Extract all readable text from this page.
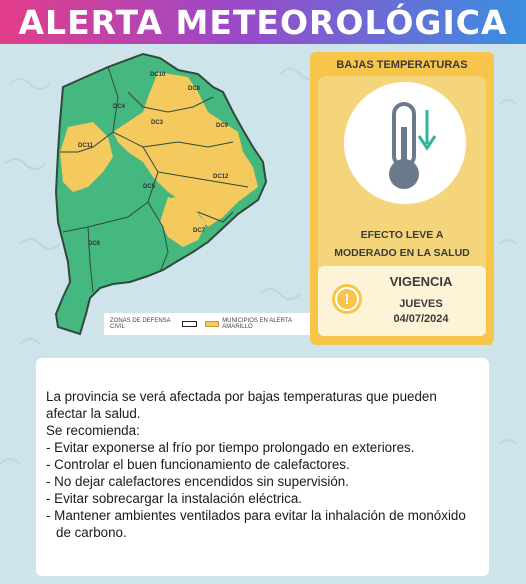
ALERTA METEOROLÓGICA
DC10
DC8
DC4
DC3	DC9
DC11
DC12
DC5
DC6
DC7
ZONAS DE DEFENSA CIVIL
MUNICIPIOS EN ALERTA AMARILLO
BAJAS TEMPERATURAS
EFECTO LEVE A
MODERADO EN LA SALUD
!
VIGENCIA
JUEVES
04/07/2024

La provincia se verá afectada por bajas temperaturas que pueden afectar la salud.

Se recomienda:

- Evitar exponerse al frío por tiempo prolongado en exteriores.
- Controlar el buen funcionamiento de calefactores.
- No dejar calefactores encendidos sin supervisión.
- Evitar sobrecargar la instalación eléctrica.
- Mantener ambientes ventilados para evitar la inhalación de monóxido de carbono.
